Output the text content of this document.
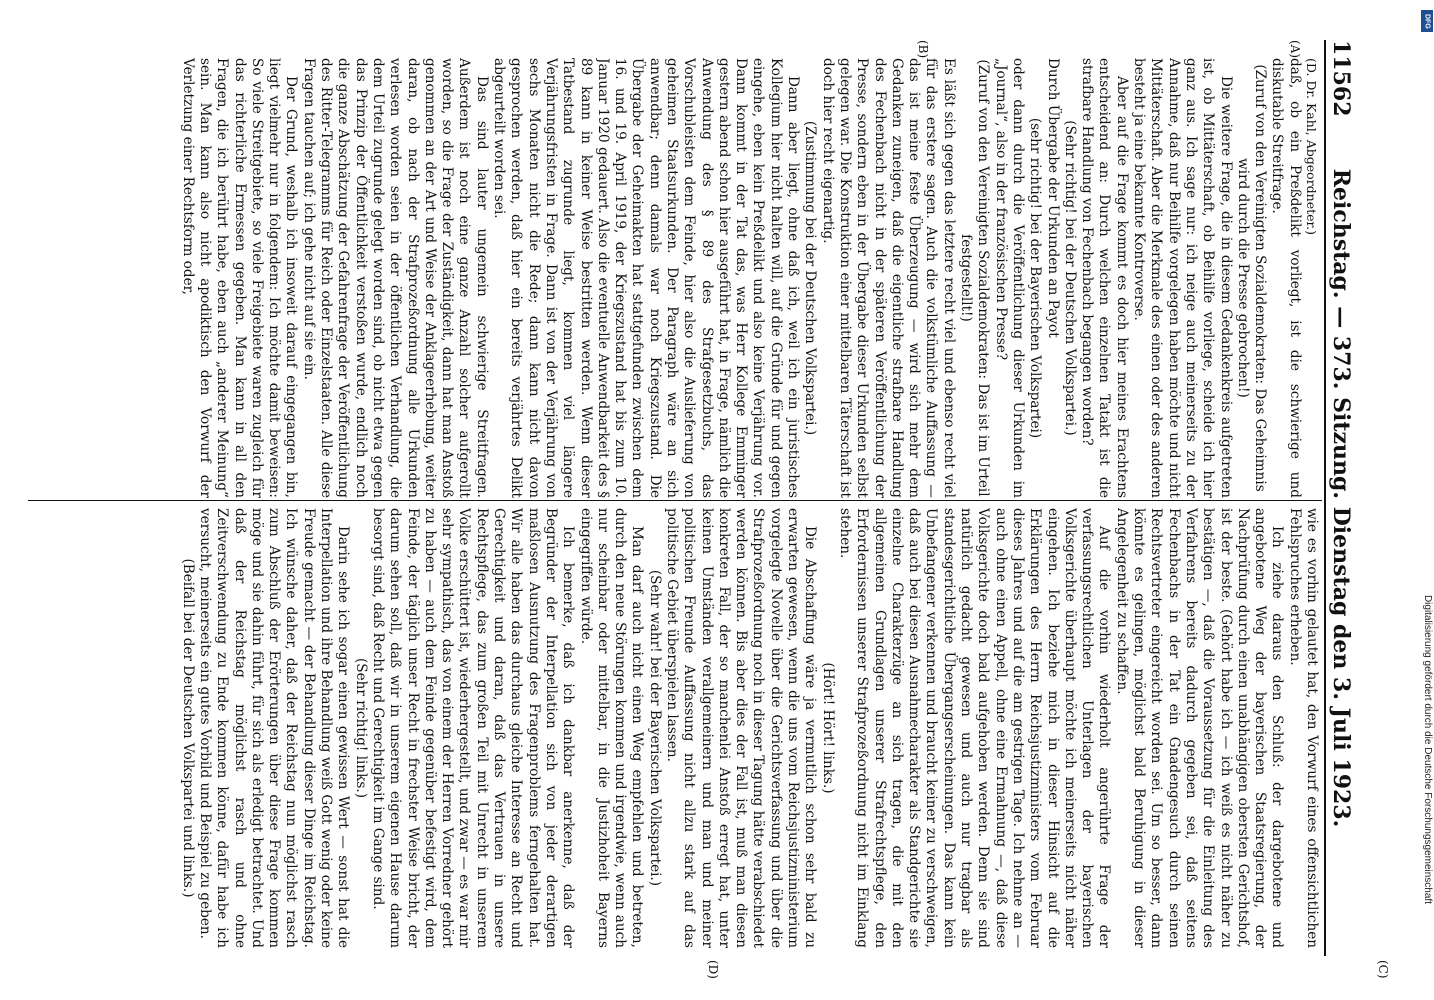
11562
Reichstag. — 373. Sitzung. Dienstag den 3. Juli 1923.
(A)
(B)
(C)
(D)

(D. Dr. Kahl, Abgeordneter.)

daß, ob ein Preßdelikt vorliegt, ist die schwierige und diskutable Streitfrage.

(Zuruf von den Vereinigten Sozialdemokraten: Das Geheimnis wird durch die Presse gebrochen!)

Die weitere Frage, die in diesem Gedankenkreis aufgetreten ist, ob Mittäterschaft, ob Beihilfe vorliege, scheide ich hier ganz aus. Ich sage nur: ich neige auch meinerseits zu der Annahme, daß nur Beihilfe vorgelegen haben möchte und nicht Mittäterschaft. Aber die Merkmale des einen oder des anderen besteht ja eine bekannte Kontroverse.

Aber auf die Frage kommt es doch hier meines Erachtens entscheidend an: Durch welchen einzelnen Tatakt ist die strafbare Handlung von Fechenbach begangen worden?

(Sehr richtig! bei der Deutschen Volkspartei.)

Durch Übergabe der Urkunden an Payot

(sehr richtig! bei der Bayerischen Volkspartei)

oder dann durch die Veröffentlichung dieser Urkunden im „Journal“, also in der französischen Presse?

(Zuruf von den Vereinigten Sozialdemokraten: Das ist im Urteil festgestellt!)

Es läßt sich gegen das letztere recht viel und ebenso recht viel für das erstere sagen. Auch die volkstümliche Auffassung — das ist meine feste Überzeugung — wird sich mehr dem Gedanken zuneigen, daß die eigentliche strafbare Handlung des Fechenbach nicht in der späteren Veröffentlichung der Presse, sondern eben in der Übergabe dieser Urkunden selbst gelegen war. Die Konstruktion einer mittelbaren Täterschaft ist doch hier recht eigenartig.

(Zustimmung bei der Deutschen Volkspartei.)

Dann aber liegt, ohne daß ich, weil ich ein juristisches Kollegium hier nicht halten will, auf die Gründe für und gegen eingehe, eben kein Preßdelikt und also keine Verjährung vor. Dann kommt in der Tat das, was Herr Kollege Emminger gestern abend schon hier ausgeführt hat, in Frage, nämlich die Anwendung des § 89 des Strafgesetzbuchs, das Vorschubleisten dem Feinde, hier also die Auslieferung von geheimen Staatsurkunden. Der Paragraph wäre an sich anwendbar; denn damals war noch Kriegszustand. Die Übergabe der Geheimakten hat stattgefunden zwischen dem 16. und 19. April 1919, der Kriegszustand hat bis zum 10. Januar 1920 gedauert. Also die eventuelle Anwendbarkeit des § 89 kann in keiner Weise bestritten werden. Wenn dieser Tatbestand zugrunde liegt, kommen viel längere Verjährungsfristen in Frage. Dann ist von der Verjährung von sechs Monaten nicht die Rede; dann kann nicht davon gesprochen werden, daß hier ein bereits verjährtes Delikt abgeurteilt worden sei.

Das sind lauter ungemein schwierige Streitfragen. Außerdem ist noch eine ganze Anzahl solcher aufgerollt worden, so die Frage der Zuständigkeit, dann hat man Anstoß genommen an der Art und Weise der Anklageerhebung, weiter daran, ob nach der Strafprozeßordnung alle Urkunden verlesen worden seien in der öffentlichen Verhandlung, die dem Urteil zugrunde gelegt worden sind, ob nicht etwa gegen das Prinzip der Öffentlichkeit verstoßen wurde, endlich noch die ganze Abschätzung der Gefahrenfrage der Veröffentlichung des Ritter-Telegramms für Reich oder Einzelstaaten. Alle diese Fragen tauchen auf; ich gehe nicht auf sie ein.

Der Grund, weshalb ich insoweit darauf eingegangen bin, liegt vielmehr nur in folgendem: Ich möchte damit beweisen: So viele Streitgebiete, so viele Freigebiete waren zugleich für das richterliche Ermessen gegeben. Man kann in all den Fragen, die ich berührt habe, eben auch „anderer Meinung“ sein. Man kann also nicht apodiktisch den Vorwurf der Verletzung einer Rechtsform oder,

wie es vorhin gelautet hat, den Vorwurf eines offensichtlichen Fehlspruches erheben.

Ich ziehe daraus den Schluß: der dargebotene und angebotene Weg der bayerischen Staatsregierung, der Nachprüfung durch einen unabhängigen obersten Gerichtshof, ist der beste. (Gehört habe ich — ich weiß es nicht näher zu bestätigen —, daß die Voraussetzung für die Einleitung des Verfahrens bereits dadurch gegeben sei, daß seitens Fechenbachs in der Tat ein Gnadengesuch durch seinen Rechtsvertreter eingereicht worden sei. Um so besser, dann könnte es gelingen, möglichst bald Beruhigung in dieser Angelegenheit zu schaffen.

Auf die vorhin wiederholt angerührte Frage der verfassungsrechtlichen Unterlagen der bayerischen Volksgerichte überhaupt möchte ich meinerseits nicht näher eingehen. Ich beziehe mich in dieser Hinsicht auf die Erklärungen des Herrn Reichsjustizministers vom Februar dieses Jahres und auf die am gestrigen Tage. Ich nehme an — auch ohne einen Appell, ohne eine Ermahnung —, daß diese Volksgerichte doch bald aufgehoben werden. Denn sie sind natürlich gedacht gewesen und auch nur tragbar als standesgerichtliche Übergangserscheinungen. Das kann kein Unbefangener verkennen und braucht keiner zu verschweigen, daß auch bei diesen Ausnahmecharakter als Standgerichte sie einzelne Charakterzüge an sich tragen, die mit den allgemeinen Grundlagen unserer Strafrechtspflege, den Erfordernissen unserer Strafprozeßordnung nicht im Einklang stehen.

(Hört! Hört! links.)

Die Abschaffung wäre ja vermutlich schon sehr bald zu erwarten gewesen, wenn die uns vom Reichsjustizministerium vorgelegte Novelle über die Gerichtsverfassung und über die Strafprozeßordnung noch in dieser Tagung hätte verabschiedet werden können. Bis aber dies der Fall ist, muß man diesen konkreten Fall, der so manchenlei Anstoß erregt hat, unter keinen Umständen verallgemeinern und man und meiner politischen Freunde Auffassung nicht allzu stark auf das politische Gebiet überspielen lassen.

(Sehr wahr! bei der Bayerischen Volkspartei.)

Man darf auch nicht einen Weg empfehlen und betreten, durch den neue Störungen kommen und irgendwie, wenn auch nur scheinbar oder mittelbar, in die Justizhoheit Bayerns eingegriffen würde.

Ich bemerke, daß ich dankbar anerkenne, daß der Begründer der Interpellation sich von jeder derartigen maßlosen Ausnutzung des Fragenproblems ferngehalten hat. Wir alle haben das durchaus gleiche Interesse an Recht und Gerechtigkeit und daran, daß das Vertrauen in unsere Rechtspflege, das zum großen Teil mit Unrecht in unserem Volke erschüttert ist, wiederhergestellt, und zwar — es war mir sehr sympathisch, das von einem der Herren Vorredner gehört zu haben — auch dem Feinde gegenüber befestigt wird, dem Feinde, der täglich unser Recht in frechster Weise bricht, der darum sehen soll, daß wir in unserem eigenen Hause darum besorgt sind, daß Recht und Gerechtigkeit im Gange sind.

(Sehr richtig! links.)

Darin sehe ich sogar einen gewissen Wert — sonst hat die Interpellation und ihre Behandlung weiß Gott wenig oder keine Freude gemacht — der Behandlung dieser Dinge im Reichstag. Ich wünsche daher, daß der Reichstag nun möglichst rasch zum Abschluß der Erörterungen über diese Frage kommen möge und sie dahin führt, für sich als erledigt betrachtet. Und daß der Reichstag möglichst rasch und ohne Zeitverschwendung zu Ende kommen könne, dafür habe ich versucht, meinerseits ein gutes Vorbild und Beispiel zu geben.

(Beifall bei der Deutschen Volkspartei und links.)

DFG
Digitalisierung gefördert durch die Deutsche Forschungsgemeinschaft
